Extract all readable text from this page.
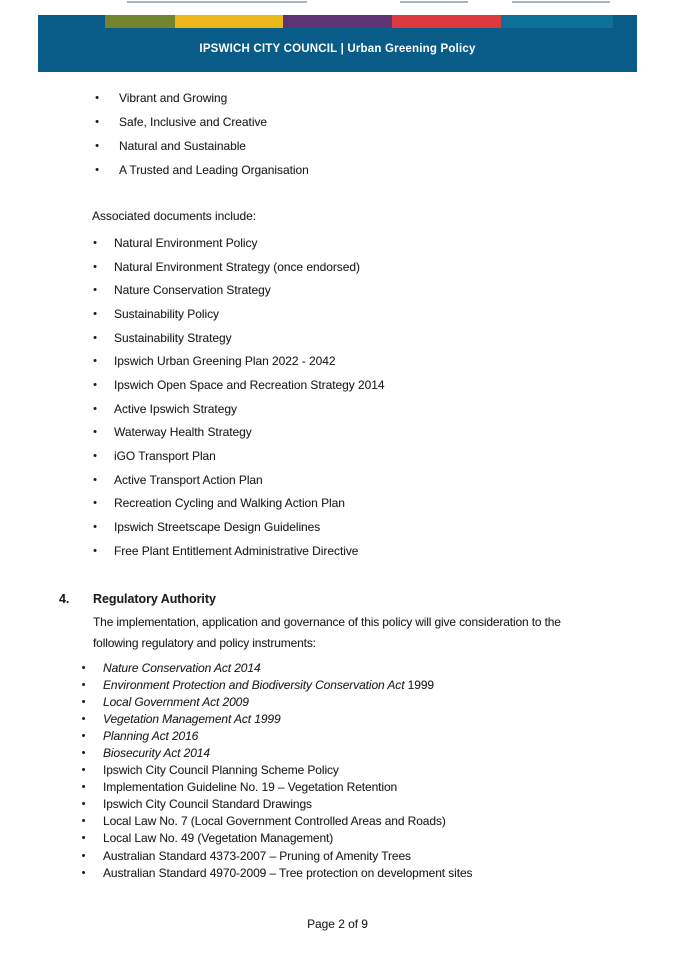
IPSWICH CITY COUNCIL | Urban Greening Policy
•	Vibrant and Growing
•	Safe, Inclusive and Creative
•	Natural and Sustainable
•	A Trusted and Leading Organisation
Associated documents include:
•	Natural Environment Policy
•	Natural Environment Strategy (once endorsed)
•	Nature Conservation Strategy
•	Sustainability Policy
•	Sustainability Strategy
•	Ipswich Urban Greening Plan 2022 - 2042
•	Ipswich Open Space and Recreation Strategy 2014
•	Active Ipswich Strategy
•	Waterway Health Strategy
•	iGO Transport Plan
•	Active Transport Action Plan
•	Recreation Cycling and Walking Action Plan
•	Ipswich Streetscape Design Guidelines
•	Free Plant Entitlement Administrative Directive
4. Regulatory Authority
The implementation, application and governance of this policy will give consideration to the following regulatory and policy instruments:
•	Nature Conservation Act 2014
•	Environment Protection and Biodiversity Conservation Act 1999
•	Local Government Act 2009
•	Vegetation Management Act 1999
•	Planning Act 2016
•	Biosecurity Act 2014
•	Ipswich City Council Planning Scheme Policy
•	Implementation Guideline No. 19 – Vegetation Retention
•	Ipswich City Council Standard Drawings
•	Local Law No. 7 (Local Government Controlled Areas and Roads)
•	Local Law No. 49 (Vegetation Management)
•	Australian Standard 4373-2007 – Pruning of Amenity Trees
•	Australian Standard 4970-2009 – Tree protection on development sites
Page 2 of 9
